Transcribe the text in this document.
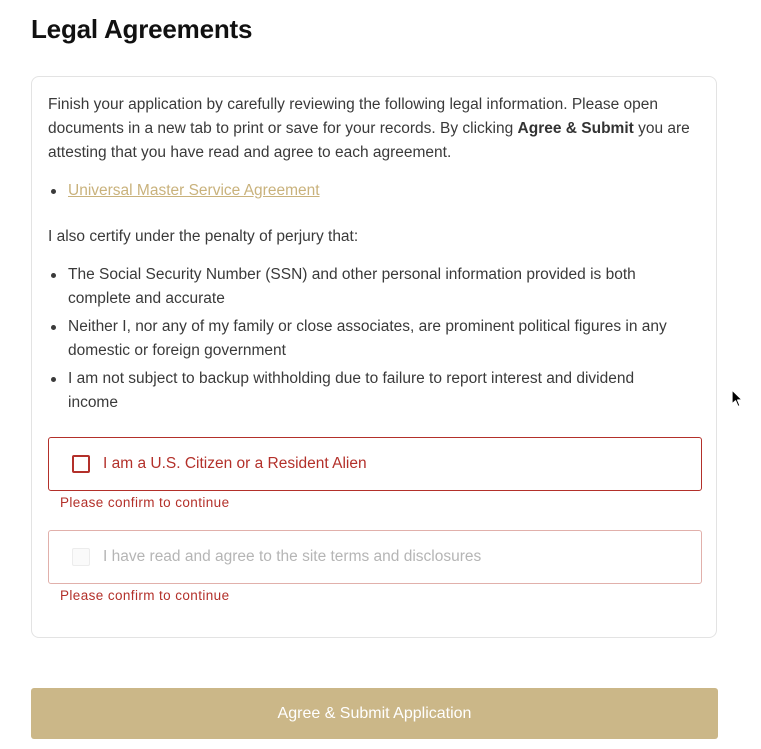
Legal Agreements

Finish your application by carefully reviewing the following legal information. Please open documents in a new tab to print or save for your records. By clicking Agree & Submit you are attesting that you have read and agree to each agreement.

Universal Master Service Agreement

I also certify under the penalty of perjury that:

The Social Security Number (SSN) and other personal information provided is both complete and accurate
Neither I, nor any of my family or close associates, are prominent political figures in any domestic or foreign government
I am not subject to backup withholding due to failure to report interest and dividend income
I am a U.S. Citizen or a Resident Alien
Please confirm to continue
I have read and agree to the site terms and disclosures
Please confirm to continue
Agree & Submit Application
